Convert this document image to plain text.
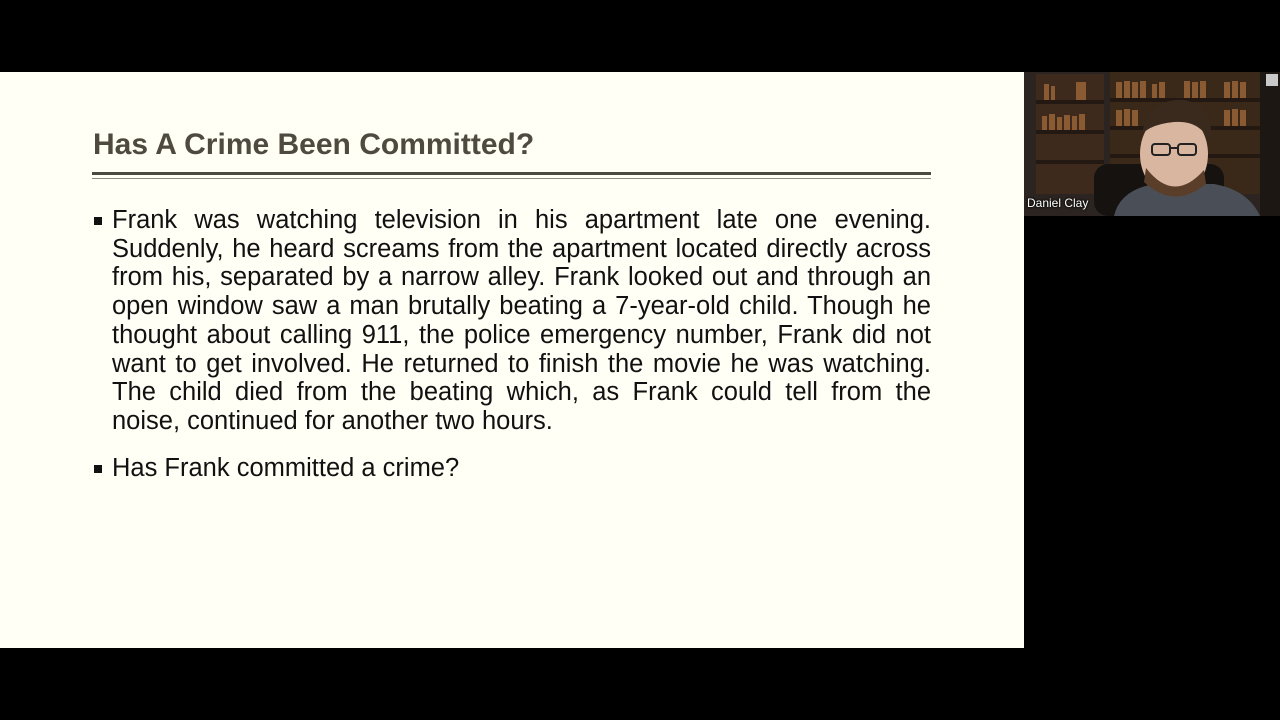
Has A Crime Been Committed?
Frank was watching television in his apartment late one evening. Suddenly, he heard screams from the apartment located directly across from his, separated by a narrow alley. Frank looked out and through an open window saw a man brutally beating a 7-year-old child. Though he thought about calling 911, the police emergency number, Frank did not want to get involved. He returned to finish the movie he was watching. The child died from the beating which, as Frank could tell from the noise, continued for another two hours.
Has Frank committed a crime?
Daniel Clay
